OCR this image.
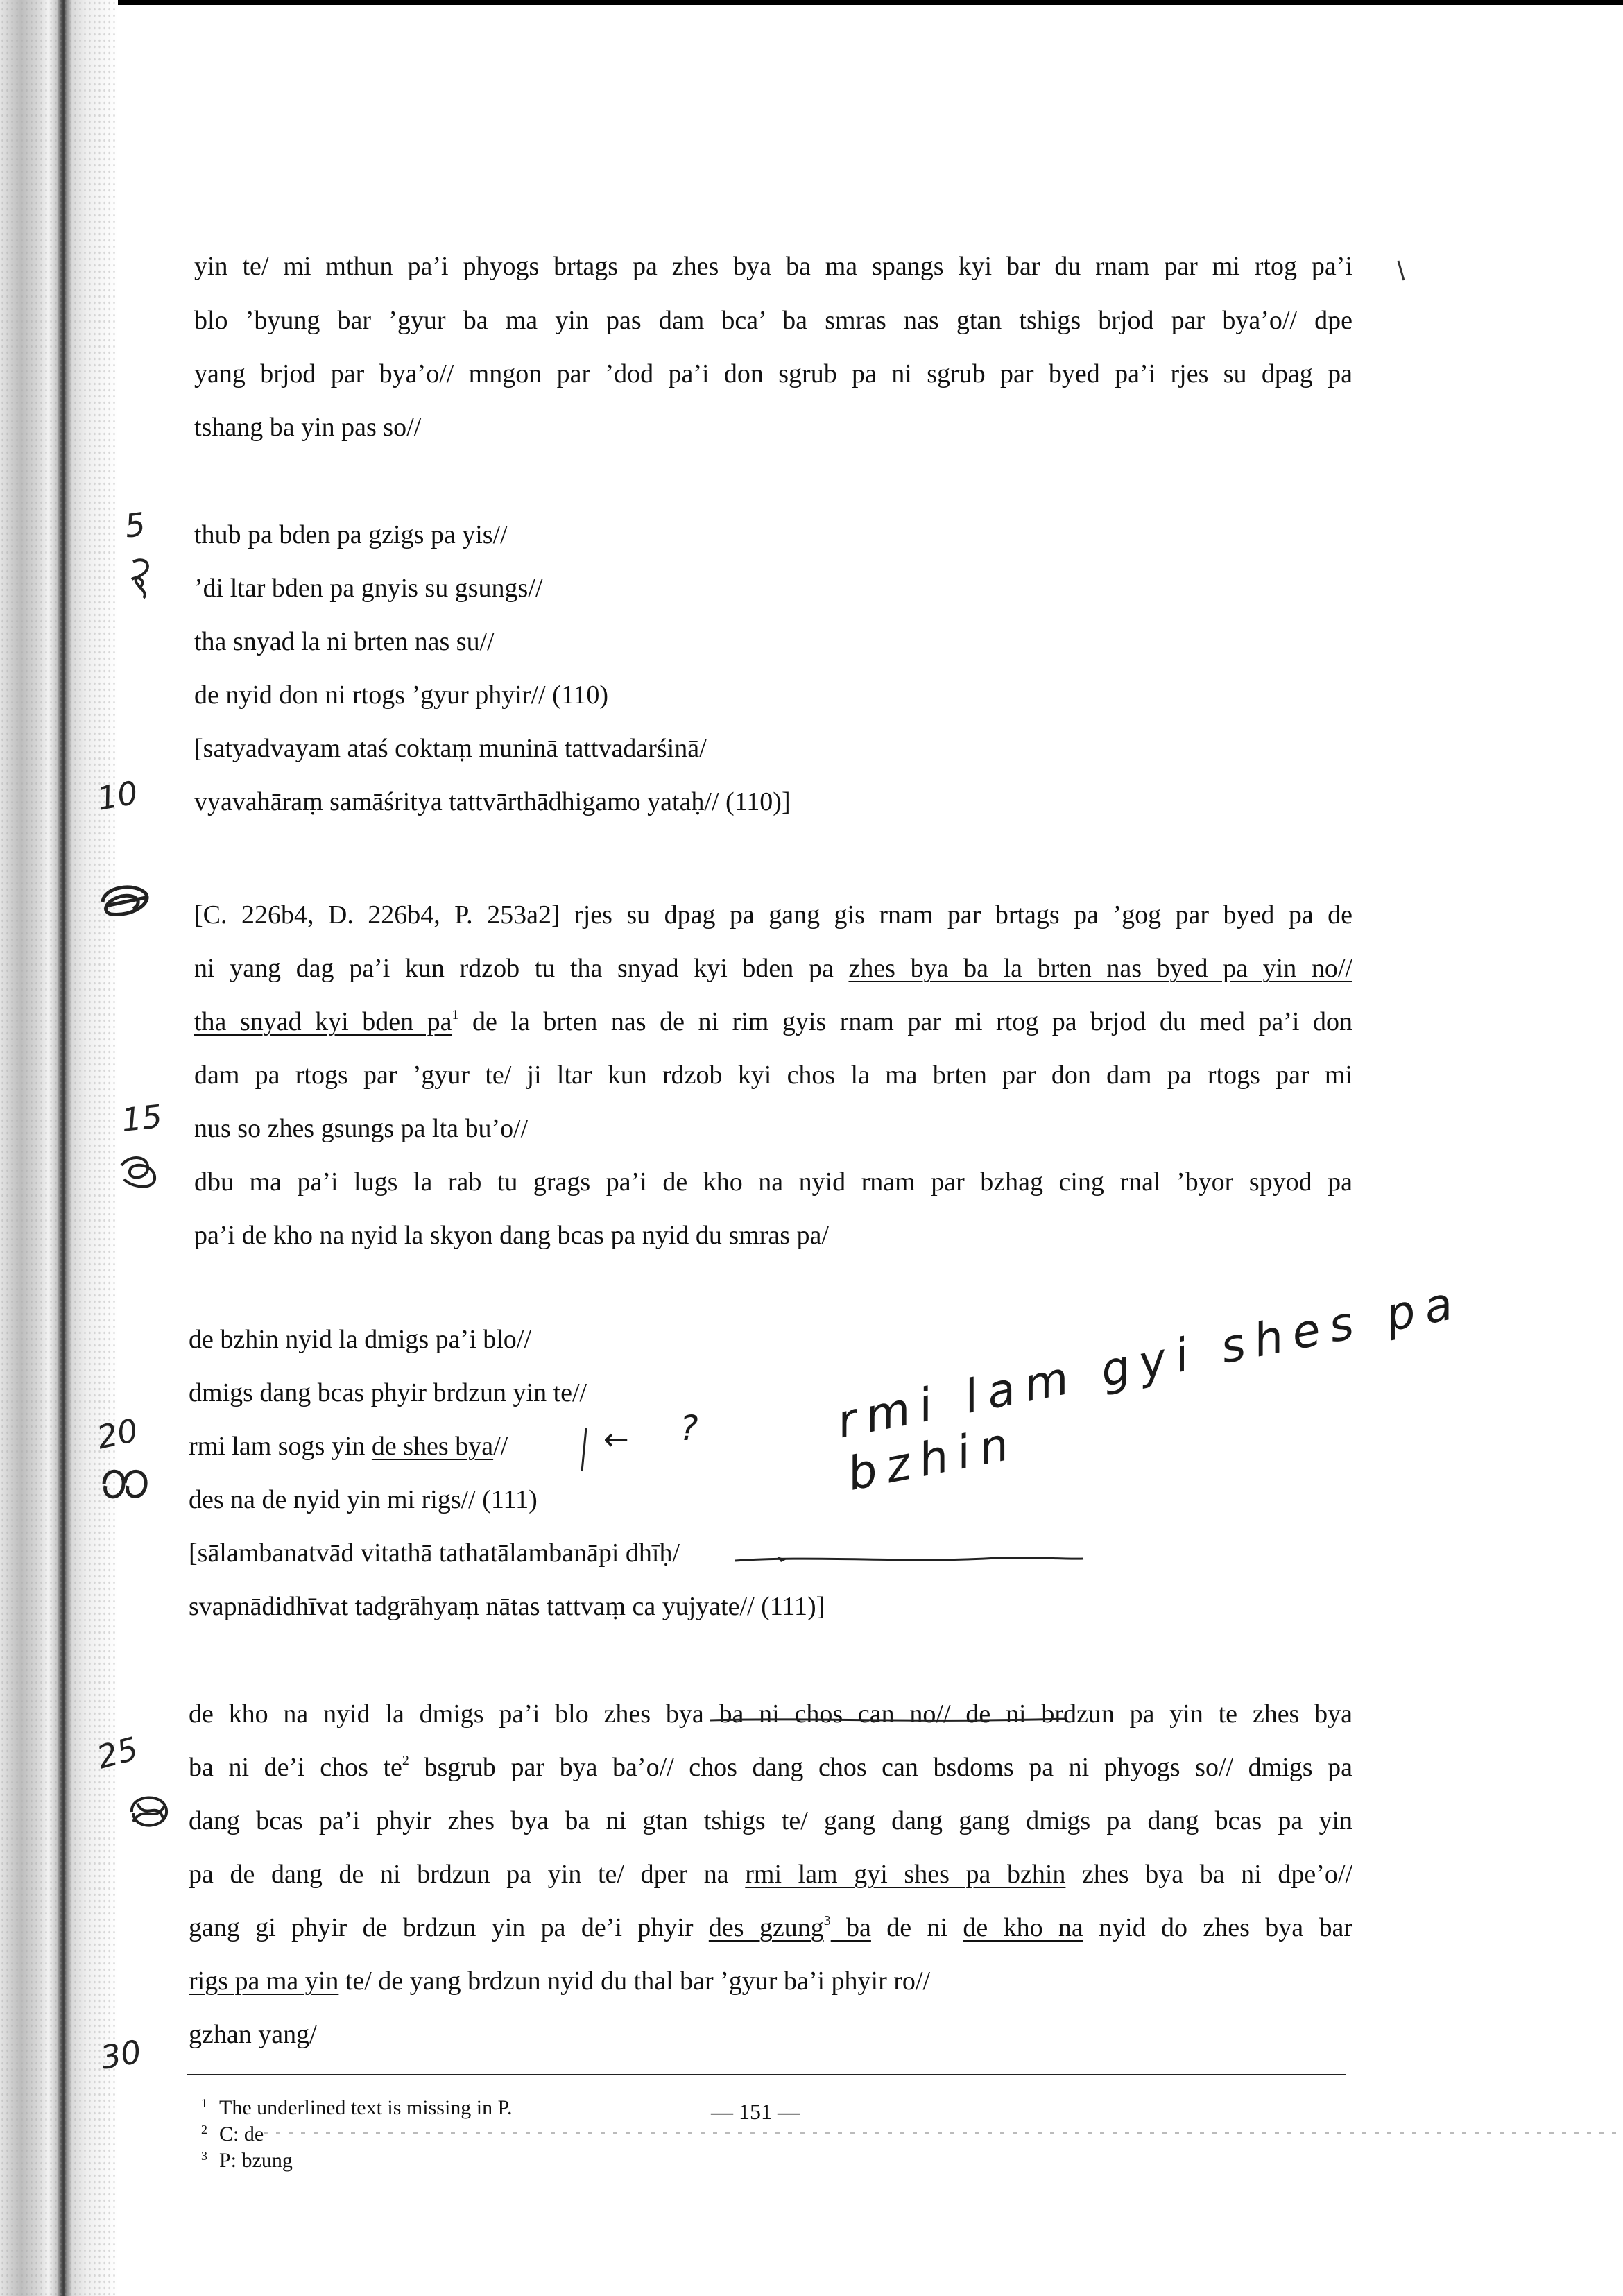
yin te/ mi mthun pa’i phyogs brtags pa zhes bya ba ma spangs kyi bar du rnam par mi rtog pa’i
blo ’byung bar ’gyur ba ma yin pas dam bca’ ba smras nas gtan tshigs brjod par bya’o// dpe
yang brjod par bya’o// mngon par ’dod pa’i don sgrub pa ni sgrub par byed pa’i rjes su dpag pa
tshang ba yin pas so//
thub pa bden pa gzigs pa yis//
’di ltar bden pa gnyis su gsungs//
tha snyad la ni brten nas su//
de nyid don ni rtogs ’gyur phyir// (110)
[satyadvayam ataś coktaṃ muninā tattvadarśinā/
vyavahāraṃ samāśritya tattvārthādhigamo yataḥ// (110)]
[C. 226b4, D. 226b4, P. 253a2] rjes su dpag pa gang gis rnam par brtags pa ’gog par byed pa de
ni yang dag pa’i kun rdzob tu tha snyad kyi bden pa zhes bya ba la brten nas byed pa yin no//
tha snyad kyi bden $pa^1$ de la brten nas de ni rim gyis rnam par mi rtog pa brjod du med pa’i don
dam pa rtogs par ’gyur te/ ji ltar kun rdzob kyi chos la ma brten par don dam pa rtogs par mi
nus so zhes gsungs pa lta bu’o//
dbu ma pa’i lugs la rab tu grags pa’i de kho na nyid rnam par bzhag cing rnal ’byor spyod pa
pa’i de kho na nyid la skyon dang bcas pa nyid du smras pa/
de bzhin nyid la dmigs pa’i blo//
dmigs dang bcas phyir brdzun yin te//
rmi lam sogs yin de shes bya//
des na de nyid yin mi rigs// (111)
[sālambanatvād vitathā tathatālambanāpi dhīḥ/
svapnādidhīvat tadgrāhyaṃ nātas tattvaṃ ca yujyate// (111)]
de kho na nyid la dmigs pa’i blo zhes bya ba ni chos can no// de ni brdzun pa yin te zhes bya
ba ni de’i chos $te^2$ bsgrub par bya ba’o// chos dang chos can bsdoms pa ni phyogs so// dmigs pa
dang bcas pa’i phyir zhes bya ba ni gtan tshigs te/ gang dang gang dmigs pa dang bcas pa yin
pa de dang de ni brdzun pa yin te/ dper na rmi lam gyi shes pa bzhin zhes bya ba ni dpe’o//
gang gi phyir de brdzun yin pa de’i phyir des gzung$^3$ ba de ni de kho na nyid do zhes bya bar
rigs pa ma yin te/ de yang brdzun nyid du thal bar ’gyur ba’i phyir ro//
gzhan yang/
5
10
15
20
25
30
← ?	rmi lam gyi shes pa bzhin
1 The underlined text is missing in P.
2 C: de
3 P: bzung
— 151 —
